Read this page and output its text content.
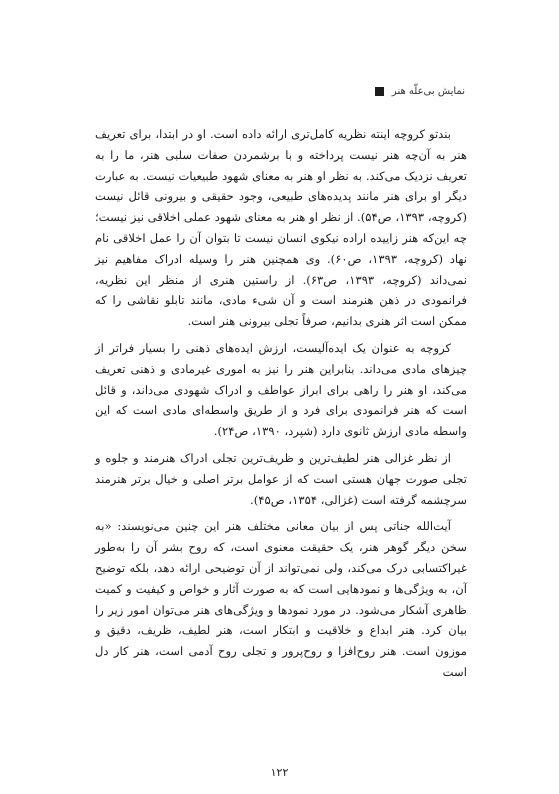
نمایش بی‌علّه هنر

بندتو کروچه اینته نظریه کامل‌تری ارائه داده است. او در ابتدا، برای تعریف هنر به آن‌چه هنر نیست پرداخته و با برشمردن صفات سلبی هنر، ما را به تعریف نزدیک می‌کند. به نظر او هنر به معنای شهود طبیعیات نیست. به عبارت دیگر او برای هنر مانند پدیده‌های طبیعی، وجود حقیقی و بیرونی قائل نیست (کروچه، ۱۳۹۳، ص۵۴). از نظر او هنر به معنای شهود عملی اخلاقی نیز نیست؛ چه این‌که هنر زاییده اراده نیکوی انسان نیست تا بتوان آن را عمل اخلاقی نام نهاد (کروچه، ۱۳۹۳، ص۶۰). وی همچنین هنر را وسیله ادراک مفاهیم نیز نمی‌داند (کروچه، ۱۳۹۳، ص۶۳). از راستین هنری از منظر این نظریه، فرانمودی در ذهن هنرمند است و آن شیء مادی، مانند تابلو نقاشی را که ممکن است اثر هنری بدانیم، صرفاً تجلی بیرونی هنر است.

کروچه به عنوان یک ایده‌آلیست، ارزش ایده‌های ذهنی را بسیار فراتر از چیزهای مادی می‌داند. بنابراین هنر را نیز به اموری غیرمادی و ذهنی تعریف می‌کند، او هنر را راهی برای ابراز عواطف و ادراک شهودی می‌داند، و قائل است که هنر فرانمودی برای فرد و از طریق واسطه‌ای مادی است که این واسطه مادی ارزش ثانوی دارد (شپرد، ۱۳۹۰، ص۲۴).

از نظر غزالی هنر لطیف‌ترین و ظریف‌ترین تجلی ادراک هنرمند و جلوه و تجلی صورت جهان هستی است که از عوامل برتر اصلی و خیال برتر هنرمند سرچشمه گرفته است (غزالی، ۱۳۵۴، ص۴۵).

آیت‌الله جناتی پس از بیان معانی مختلف هنر این چنین می‌نویسند: «به سخن دیگر گوهر هنر، یک حقیقت معنوی است، که روح بشر آن را به‌طور غیراکتسابی درک می‌کند، ولی نمی‌تواند از آن توضیحی ارائه دهد، بلکه توضیح آن، به ویژگی‌ها و نمودهایی است که به صورت آثار و خواص و کیفیت و کمیت ظاهری آشکار می‌شود. در مورد نمودها و ویژگی‌های هنر می‌توان امور زیر را بیان کرد. هنر ابداع و خلاقیت و ابتکار است، هنر لطیف، ظریف، دقیق و موزون است. هنر روح‌افزا و روح‌پرور و تجلی روح آدمی است، هنر کار دل است

۱۲۲
